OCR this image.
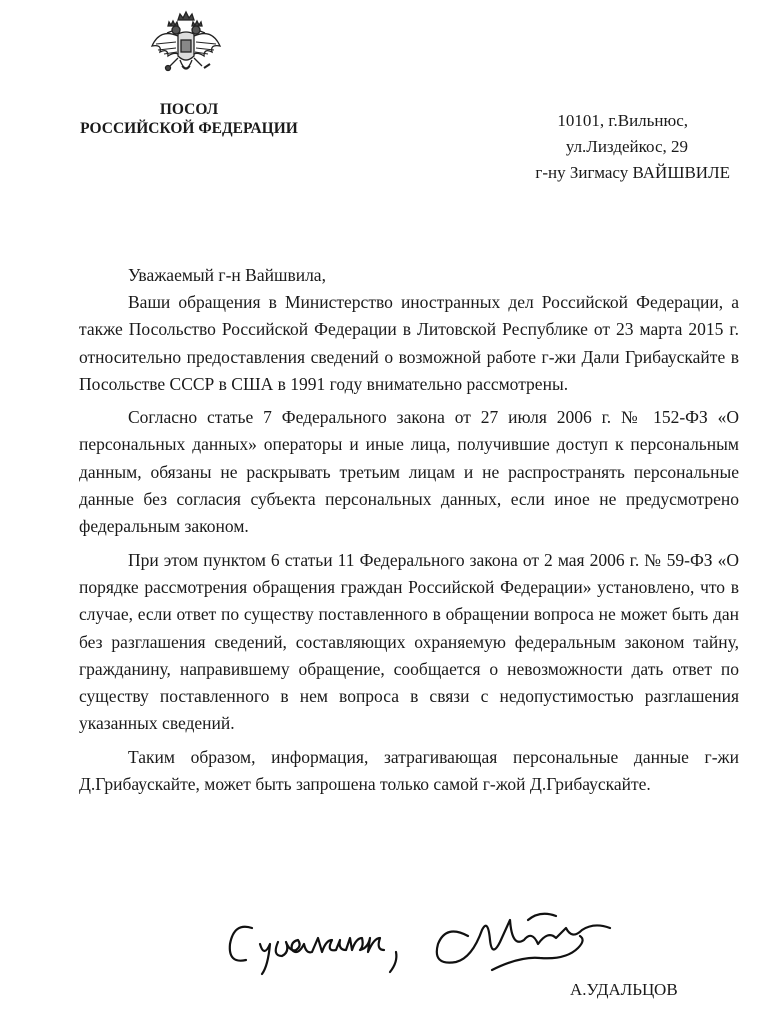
ПОСОЛ
РОССИЙСКОЙ ФЕДЕРАЦИИ	10101, г.Вильнюс,
ул.Лиздейкос, 29
г-ну Зигмасу ВАЙШВИЛЕ
Уважаемый г-н Вайшвила,

Ваши обращения в Министерство иностранных дел Российской Федерации, а также Посольство Российской Федерации в Литовской Республике от 23 марта 2015 г. относительно предоставления сведений о возможной работе г-жи Дали Грибаускайте в Посольстве СССР в США в 1991 году внимательно рассмотрены.

Согласно статье 7 Федерального закона от 27 июля 2006 г. № 152-ФЗ «О персональных данных» операторы и иные лица, получившие доступ к персональным данным, обязаны не раскрывать третьим лицам и не распространять персональные данные без согласия субъекта персональных данных, если иное не предусмотрено федеральным законом.

При этом пунктом 6 статьи 11 Федерального закона от 2 мая 2006 г. № 59-ФЗ «О порядке рассмотрения обращения граждан Российской Федерации» установлено, что в случае, если ответ по существу поставленного в обращении вопроса не может быть дан без разглашения сведений, составляющих охраняемую федеральным законом тайну, гражданину, направившему обращение, сообщается о невозможности дать ответ по существу поставленного в нем вопроса в связи с недопустимостью разглашения указанных сведений.

Таким образом, информация, затрагивающая персональные данные г-жи Д.Грибаускайте, может быть запрошена только самой г-жой Д.Грибаускайте.

А.УДАЛЬЦОВ
